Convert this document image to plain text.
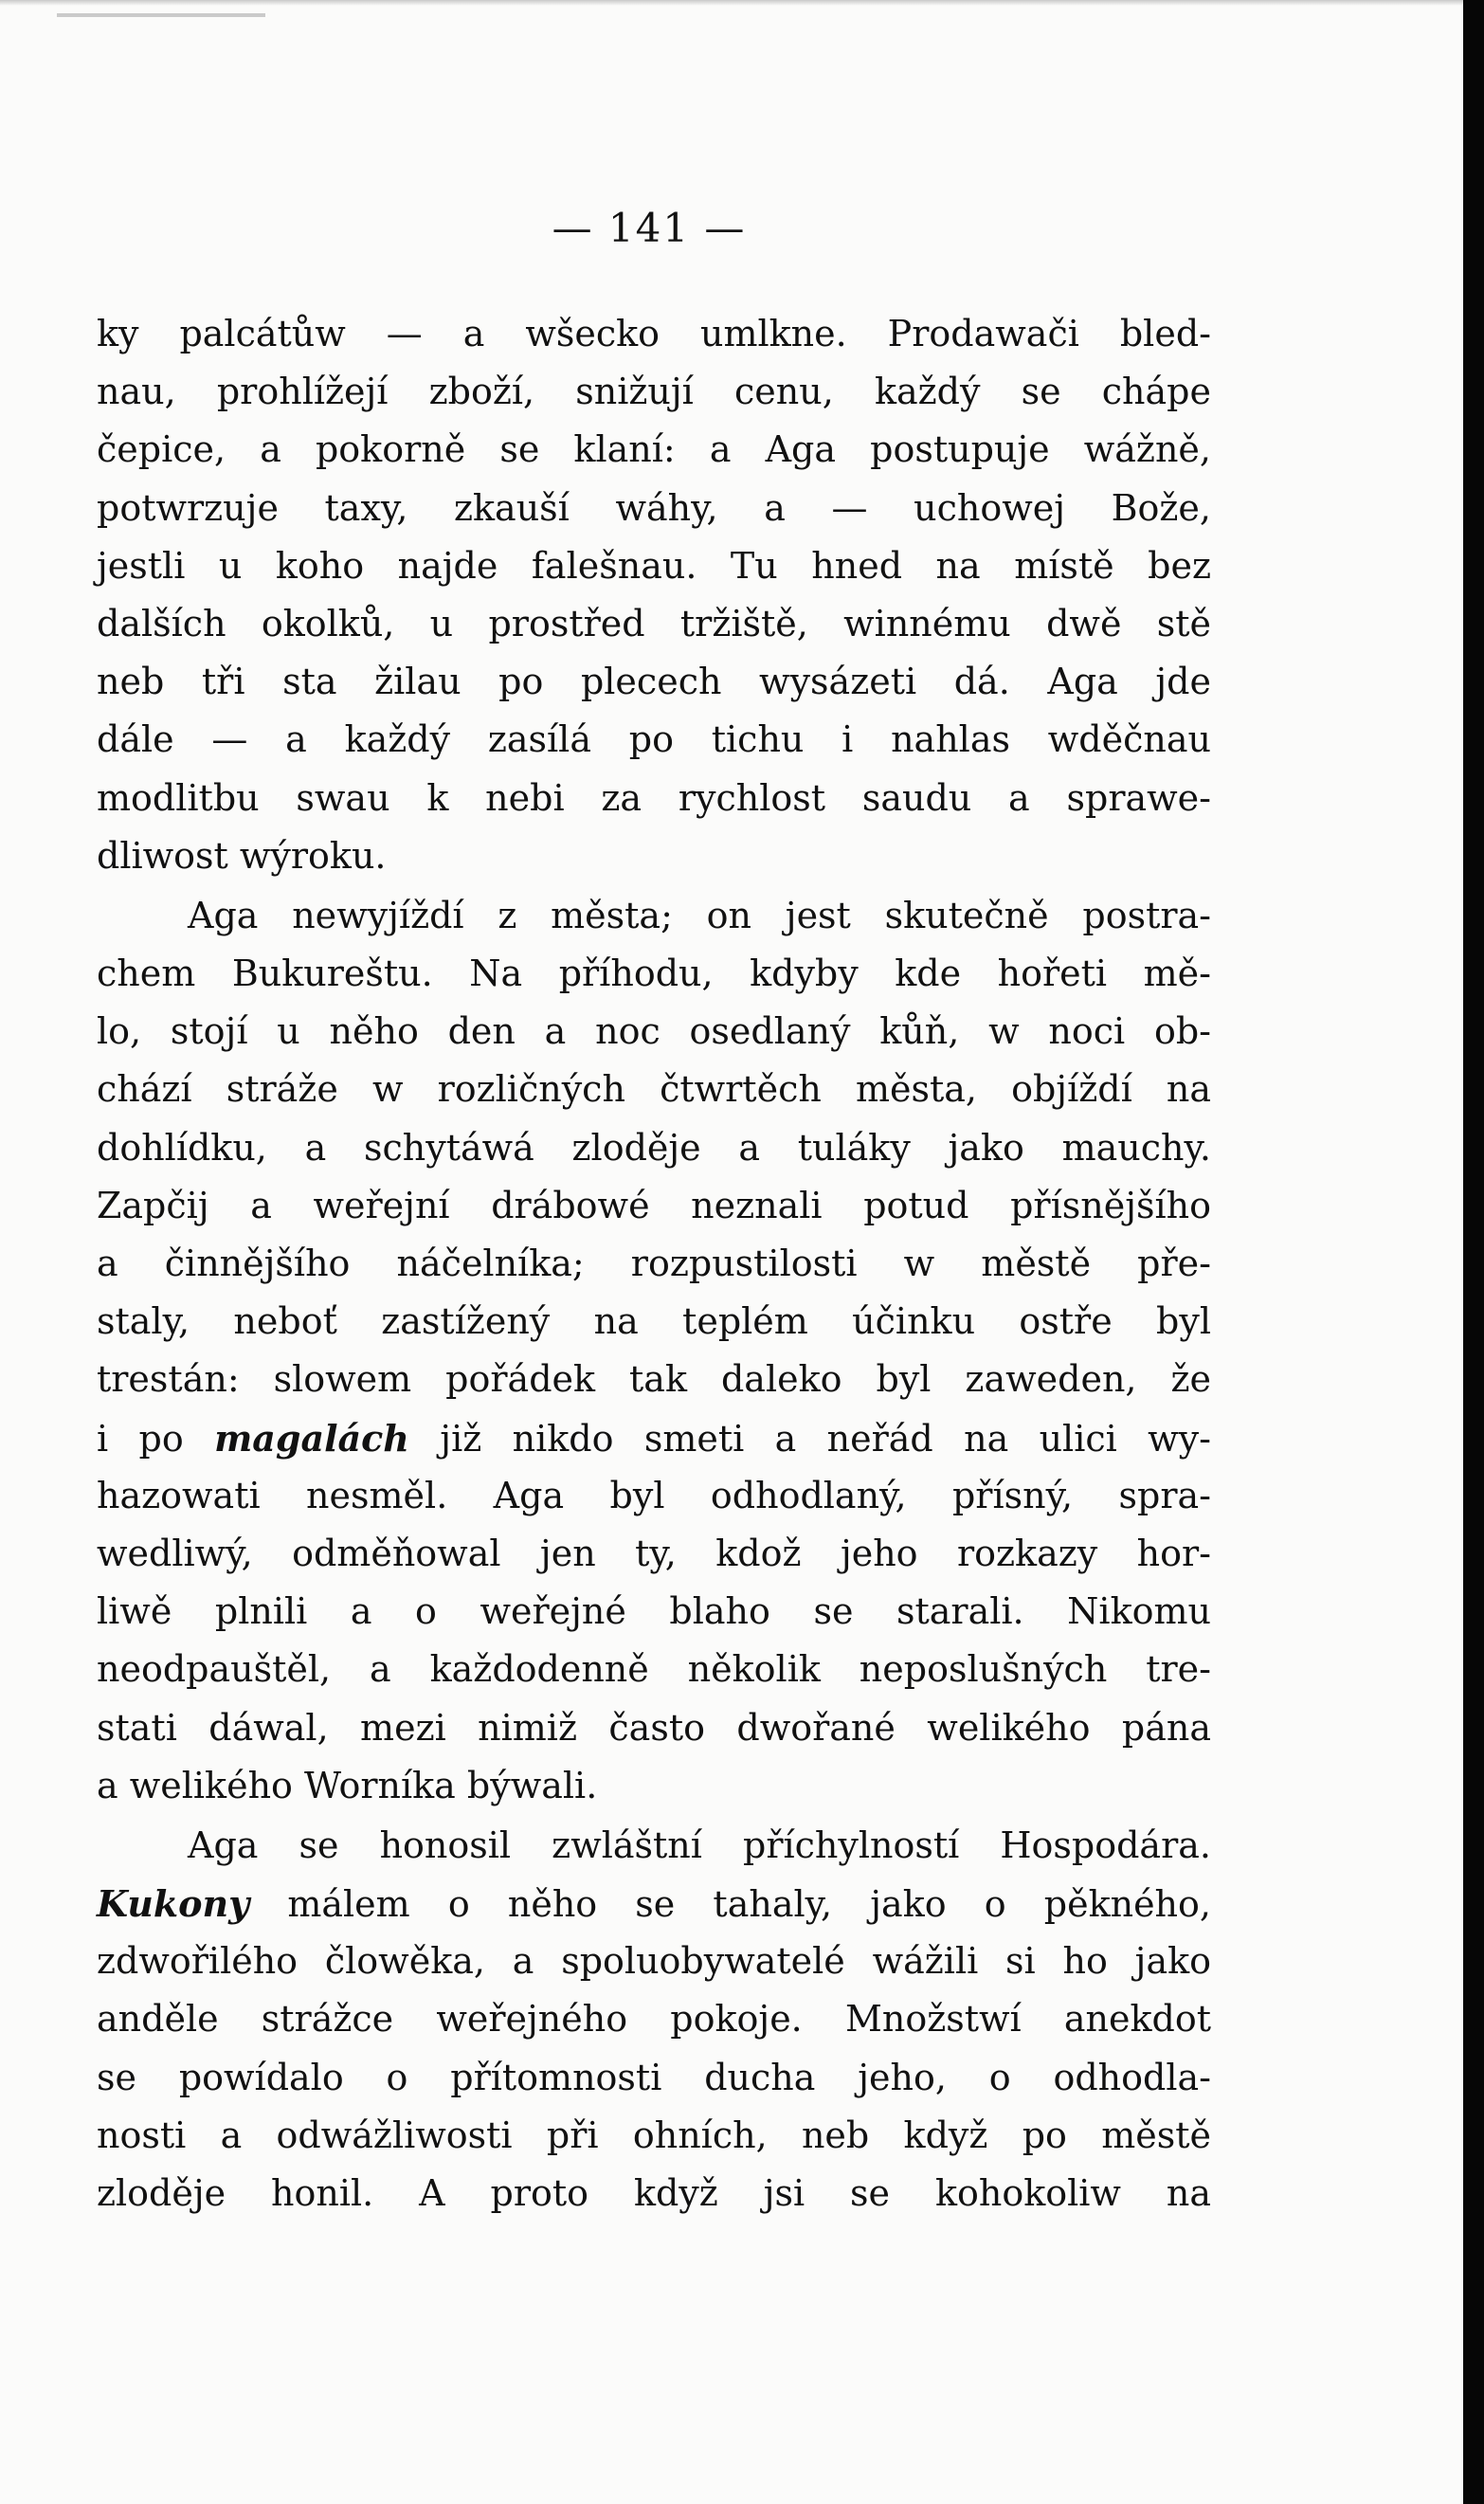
— 141 —
ky palcátůw — a wšecko umlkne. Prodawači bled-
nau, prohlížejí zboží, snižují cenu, každý se chápe
čepice, a pokorně se klaní: a Aga postupuje wážně,
potwrzuje taxy, zkauší wáhy, a — uchowej Bože,
jestli u koho najde falešnau. Tu hned na místě bez
dalších okolků, u prostřed tržiště, winnému dwě stě
neb tři sta žilau po plecech wysázeti dá. Aga jde
dále — a každý zasílá po tichu i nahlas wděčnau
modlitbu swau k nebi za rychlost saudu a sprawe-
dliwost wýroku.
Aga newyjíždí z města; on jest skutečně postra-
chem Bukureštu. Na příhodu, kdyby kde hořeti mě-
lo, stojí u něho den a noc osedlaný kůň, w noci ob-
chází stráže w rozličných čtwrtěch města, objíždí na
dohlídku, a schytáwá zloděje a tuláky jako mauchy.
Zapčij a weřejní drábowé neznali potud přísnějšího
a činnějšího náčelníka; rozpustilosti w městě pře-
staly, neboť zastížený na teplém účinku ostře byl
trestán: slowem pořádek tak daleko byl zaweden, že
i po magalách již nikdo smeti a neřád na ulici wy-
hazowati nesměl. Aga byl odhodlaný, přísný, spra-
wedliwý, odměňowal jen ty, kdož jeho rozkazy hor-
liwě plnili a o weřejné blaho se starali. Nikomu
neodpauštěl, a každodenně několik neposlušných tre-
stati dáwal, mezi nimiž často dwořané welikého pána
a welikého Worníka býwali.
Aga se honosil zwláštní příchylností Hospodára.
Kukony málem o něho se tahaly, jako o pěkného,
zdwořilého člowěka, a spoluobywatelé wážili si ho jako
anděle strážce weřejného pokoje. Množstwí anekdot
se powídalo o přítomnosti ducha jeho, o odhodla-
nosti a odwážliwosti při ohních, neb když po městě
zloděje honil. A proto když jsi se kohokoliw na
